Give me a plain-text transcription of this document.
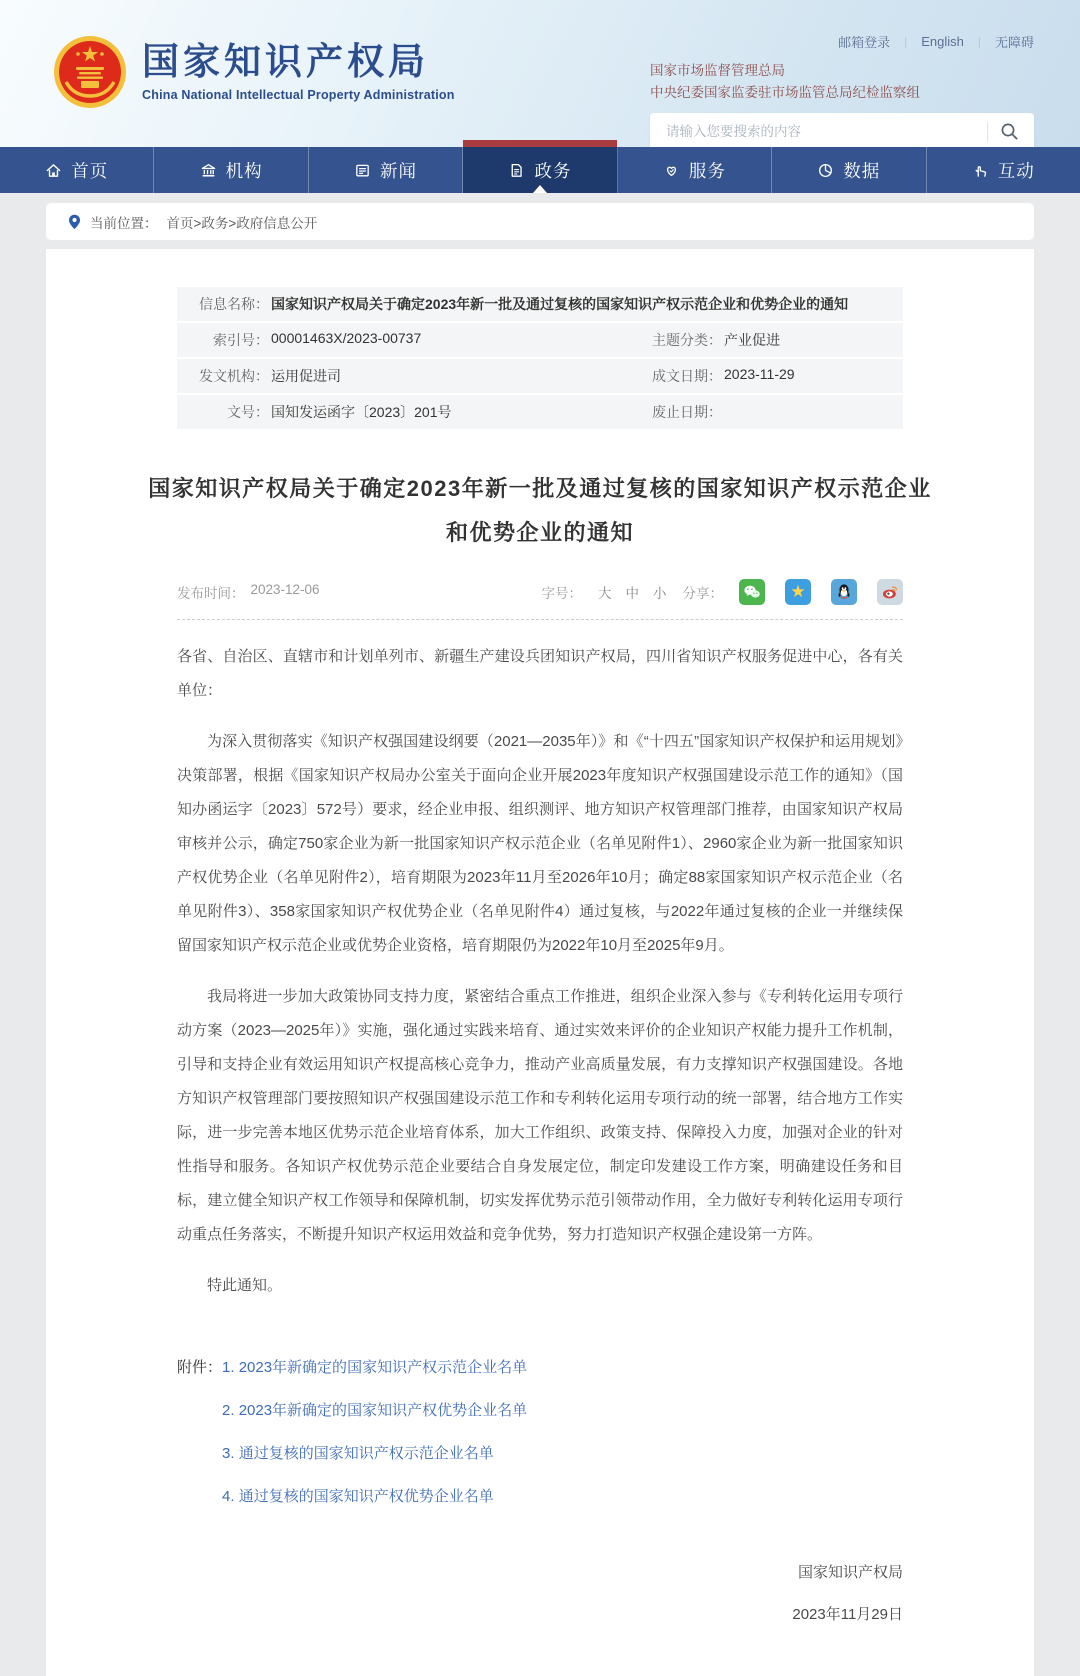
国家知识产权局
China National Intellectual Property Administration
邮箱登录 | English | 无障碍
国家市场监督管理总局
中央纪委国家监委驻市场监管总局纪检监察组
请输入您要搜索的内容
首页	机构	新闻	政务	服务	数据	互动
当前位置： 首页>政务>政府信息公开
信息名称： 国家知识产权局关于确定2023年新一批及通过复核的国家知识产权示范企业和优势企业的通知
索引号： 00001463X/2023-00737	主题分类： 产业促进
发文机构： 运用促进司	成文日期： 2023-11-29
文号： 国知发运函字〔2023〕201号	废止日期：
国家知识产权局关于确定2023年新一批及通过复核的国家知识产权示范企业和优势企业的通知
发布时间： 2023-12-06	字号： 大 中 小 分享：	★

各省、自治区、直辖市和计划单列市、新疆生产建设兵团知识产权局，四川省知识产权服务促进中心，各有关单位：

为深入贯彻落实《知识产权强国建设纲要（2021—2035年）》和《“十四五”国家知识产权保护和运用规划》决策部署，根据《国家知识产权局办公室关于面向企业开展2023年度知识产权强国建设示范工作的通知》（国知办函运字〔2023〕572号）要求，经企业申报、组织测评、地方知识产权管理部门推荐，由国家知识产权局审核并公示，确定750家企业为新一批国家知识产权示范企业（名单见附件1）、2960家企业为新一批国家知识产权优势企业（名单见附件2），培育期限为2023年11月至2026年10月；确定88家国家知识产权示范企业（名单见附件3）、358家国家知识产权优势企业（名单见附件4）通过复核，与2022年通过复核的企业一并继续保留国家知识产权示范企业或优势企业资格，培育期限仍为2022年10月至2025年9月。

我局将进一步加大政策协同支持力度，紧密结合重点工作推进，组织企业深入参与《专利转化运用专项行动方案（2023—2025年）》实施，强化通过实践来培育、通过实效来评价的企业知识产权能力提升工作机制，引导和支持企业有效运用知识产权提高核心竞争力，推动产业高质量发展，有力支撑知识产权强国建设。各地方知识产权管理部门要按照知识产权强国建设示范工作和专利转化运用专项行动的统一部署，结合地方工作实际，进一步完善本地区优势示范企业培育体系，加大工作组织、政策支持、保障投入力度，加强对企业的针对性指导和服务。各知识产权优势示范企业要结合自身发展定位，制定印发建设工作方案，明确建设任务和目标，建立健全知识产权工作领导和保障机制，切实发挥优势示范引领带动作用，全力做好专利转化运用专项行动重点任务落实，不断提升知识产权运用效益和竞争优势，努力打造知识产权强企建设第一方阵。

特此通知。

附件： 1. 2023年新确定的国家知识产权示范企业名单
2. 2023年新确定的国家知识产权优势企业名单
3. 通过复核的国家知识产权示范企业名单
4. 通过复核的国家知识产权优势企业名单
国家知识产权局
2023年11月29日
